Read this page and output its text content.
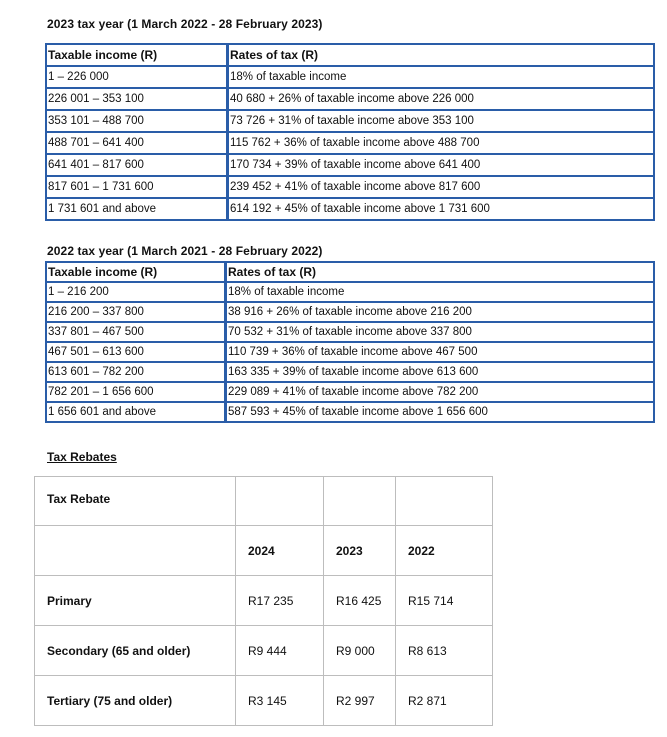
2023 tax year (1 March 2022 - 28 February 2023)
Taxable income (R)	Rates of tax (R)
1 – 226 000	18% of taxable income
226 001 – 353 100	40 680 + 26% of taxable income above 226 000
353 101 – 488 700	73 726 + 31% of taxable income above 353 100
488 701 – 641 400	115 762 + 36% of taxable income above 488 700
641 401 – 817 600	170 734 + 39% of taxable income above 641 400
817 601 – 1 731 600	239 452 + 41% of taxable income above 817 600
1 731 601 and above	614 192 + 45% of taxable income above 1 731 600
2022 tax year (1 March 2021 - 28 February 2022)
Taxable income (R)	Rates of tax (R)
1 – 216 200	18% of taxable income
216 200 – 337 800	38 916 + 26% of taxable income above 216 200
337 801 – 467 500	70 532 + 31% of taxable income above 337 800
467 501 – 613 600	110 739 + 36% of taxable income above 467 500
613 601 – 782 200	163 335 + 39% of taxable income above 613 600
782 201 – 1 656 600	229 089 + 41% of taxable income above 782 200
1 656 601 and above	587 593 + 45% of taxable income above 1 656 600
Tax Rebates
Tax Rebate			
	2024	2023	2022
Primary	R17 235	R16 425	R15 714
Secondary (65 and older)	R9 444	R9 000	R8 613
Tertiary (75 and older)	R3 145	R2 997	R2 871
